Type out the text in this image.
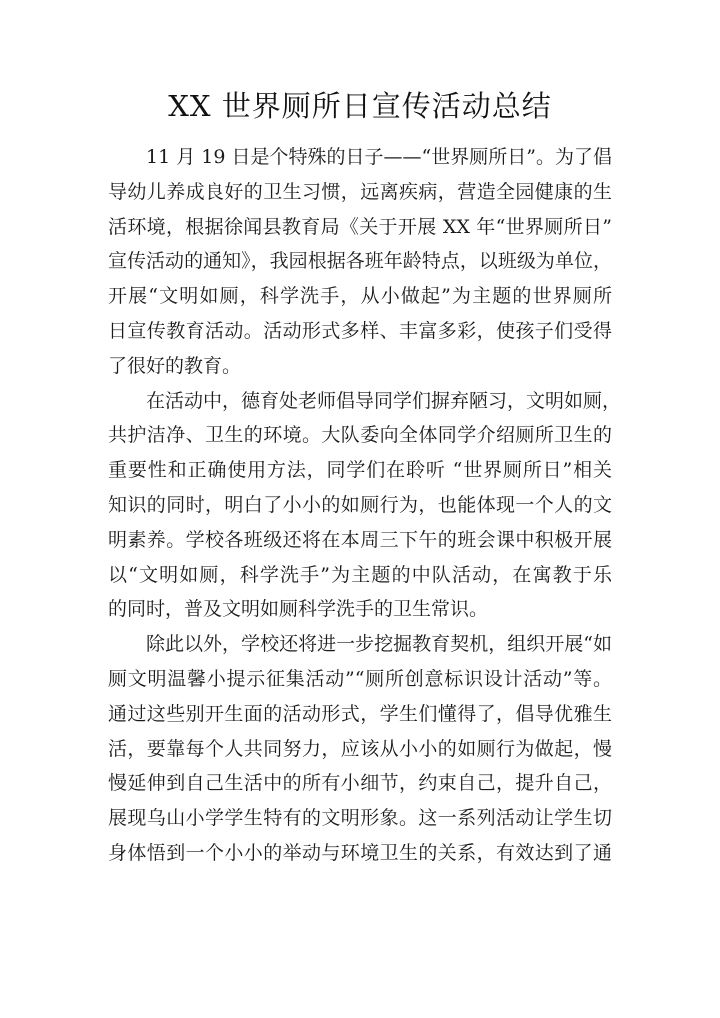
XX 世界厕所日宣传活动总结
11 月 19 日是个特殊的日子——“世界厕所日”。为了倡
导幼儿养成良好的卫生习惯，远离疾病，营造全园健康的生
活环境，根据徐闻县教育局《关于开展 XX 年“世界厕所日”
宣传活动的通知》，我园根据各班年龄特点，以班级为单位，
开展“文明如厕，科学洗手，从小做起”为主题的世界厕所
日宣传教育活动。活动形式多样、丰富多彩，使孩子们受得
了很好的教育。
在活动中，德育处老师倡导同学们摒弃陋习，文明如厕，
共护洁净、卫生的环境。大队委向全体同学介绍厕所卫生的
重要性和正确使用方法，同学们在聆听 “世界厕所日”相关
知识的同时，明白了小小的如厕行为，也能体现一个人的文
明素养。学校各班级还将在本周三下午的班会课中积极开展
以“文明如厕，科学洗手”为主题的中队活动，在寓教于乐
的同时，普及文明如厕科学洗手的卫生常识。
除此以外，学校还将进一步挖掘教育契机，组织开展“如
厕文明温馨小提示征集活动”“厕所创意标识设计活动”等。
通过这些别开生面的活动形式，学生们懂得了，倡导优雅生
活，要靠每个人共同努力，应该从小小的如厕行为做起，慢
慢延伸到自己生活中的所有小细节，约束自己，提升自己，
展现乌山小学学生特有的文明形象。这一系列活动让学生切
身体悟到一个小小的举动与环境卫生的关系，有效达到了通
